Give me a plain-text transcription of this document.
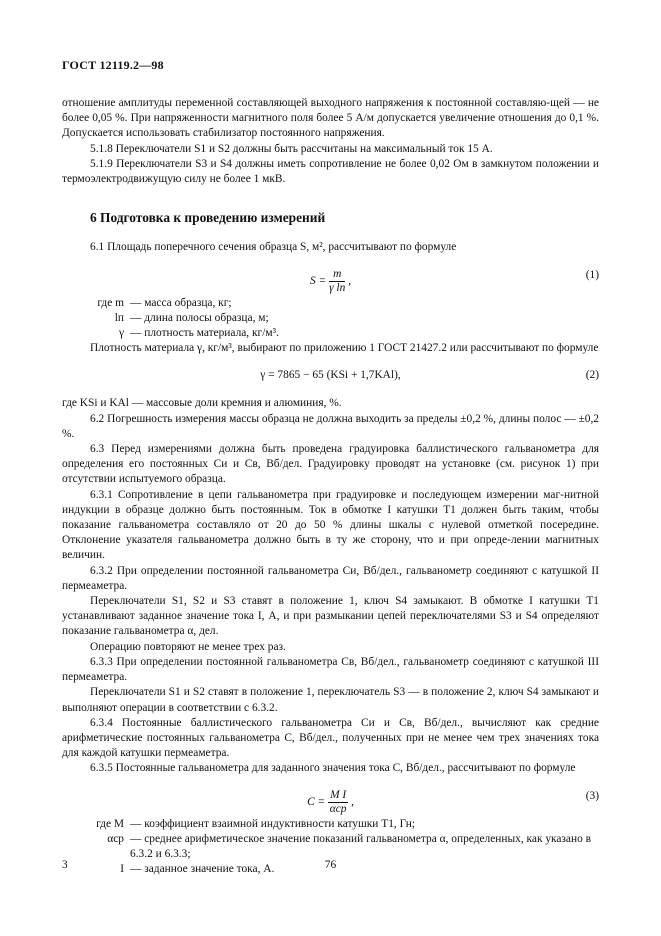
ГОСТ 12119.2—98

отношение амплитуды переменной составляющей выходного напряжения к постоянной составляю-щей — не более 0,05 %. При напряженности магнитного поля более 5 А/м допускается увеличение отношения до 0,1 %. Допускается использовать стабилизатор постоянного напряжения.

5.1.8 Переключатели S1 и S2 должны быть рассчитаны на максимальный ток 15 А.

5.1.9 Переключатели S3 и S4 должны иметь сопротивление не более 0,02 Ом в замкнутом положении и термоэлектродвижущую силу не более 1 мкВ.

6 Подготовка к проведению измерений

6.1 Площадь поперечного сечения образца S, м², рассчитывают по формуле

$S = \frac{m}{\text{γ lп}}$ ,
(1)
где m — масса образца, кг;
lп — длина полосы образца, м;
γ — плотность материала, кг/м³.

Плотность материала γ, кг/м³, выбирают по приложению 1 ГОСТ 21427.2 или рассчитывают по формуле

γ = 7865 − 65 (KSi + 1,7KAl),	(2)

где KSi и KAl — массовые доли кремния и алюминия, %.

6.2 Погрешность измерения массы образца не должна выходить за пределы ±0,2 %, длины полос — ±0,2 %.

6.3 Перед измерениями должна быть проведена градуировка баллистического гальванометра для определения его постоянных Cи и Cв, Вб/дел. Градуировку проводят на установке (см. рисунок 1) при отсутствии испытуемого образца.

6.3.1 Сопротивление в цепи гальванометра при градуировке и последующем измерении маг-нитной индукции в образце должно быть постоянным. Ток в обмотке I катушки T1 должен быть таким, чтобы показание гальванометра составляло от 20 до 50 % длины шкалы с нулевой отметкой посередине. Отклонение указателя гальванометра должно быть в ту же сторону, что и при опреде-лении магнитных величин.

6.3.2 При определении постоянной гальванометра Cи, Вб/дел., гальванометр соединяют с катушкой II пермеаметра.

Переключатели S1, S2 и S3 ставят в положение 1, ключ S4 замыкают. В обмотке I катушки T1 устанавливают заданное значение тока I, А, и при размыкании цепей переключателями S3 и S4 определяют показание гальванометра α, дел.

Операцию повторяют не менее трех раз.

6.3.3 При определении постоянной гальванометра Cв, Вб/дел., гальванометр соединяют с катушкой III пермеаметра.

Переключатели S1 и S2 ставят в положение 1, переключатель S3 — в положение 2, ключ S4 замыкают и выполняют операции в соответствии с 6.3.2.

6.3.4 Постоянные баллистического гальванометра Cи и Cв, Вб/дел., вычисляют как средние арифметические постоянных гальванометра C, Вб/дел., полученных при не менее чем трех значениях тока для каждой катушки пермеаметра.

6.3.5 Постоянные гальванометра для заданного значения тока C, Вб/дел., рассчитывают по формуле

$C = \frac{\text{M I}}{\text{αср}}$ ,
(3)
где M — коэффициент взаимной индуктивности катушки T1, Гн;
αср — среднее арифметическое значение показаний гальванометра α, определенных, как указано в 6.3.2 и 6.3.3;
I — заданное значение тока, А.
3	76
